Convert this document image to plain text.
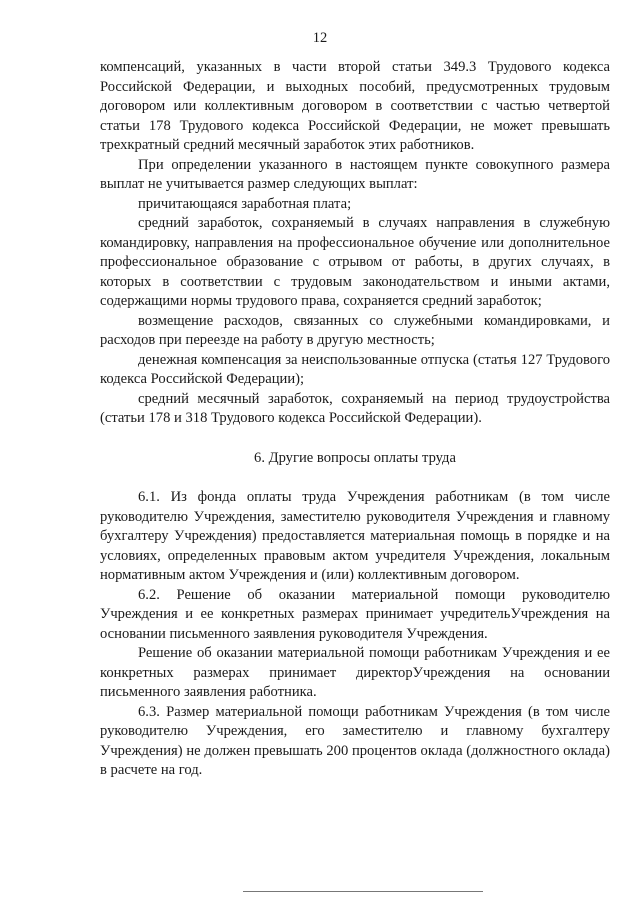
12

компенсаций, указанных в части второй статьи 349.3 Трудового кодекса Российской Федерации, и выходных пособий, предусмотренных трудовым договором или коллективным договором в соответствии с частью четвертой статьи 178 Трудового кодекса Российской Федерации, не может превышать трехкратный средний месячный заработок этих работников.

При определении указанного в настоящем пункте совокупного размера выплат не учитывается размер следующих выплат:

причитающаяся заработная плата;

средний заработок, сохраняемый в случаях направления в служебную командировку, направления на профессиональное обучение или дополнительное профессиональное образование с отрывом от работы, в других случаях, в которых в соответствии с трудовым законодательством и иными актами, содержащими нормы трудового права, сохраняется средний заработок;

возмещение расходов, связанных со служебными командировками, и расходов при переезде на работу в другую местность;

денежная компенсация за неиспользованные отпуска (статья 127 Трудового кодекса Российской Федерации);

средний месячный заработок, сохраняемый на период трудоустройства (статьи 178 и 318 Трудового кодекса Российской Федерации).

6. Другие вопросы оплаты труда

6.1. Из фонда оплаты труда Учреждения работникам (в том числе руководителю Учреждения, заместителю руководителя Учреждения и главному бухгалтеру Учреждения) предоставляется материальная помощь в порядке и на условиях, определенных правовым актом учредителя Учреждения, локальным нормативным актом Учреждения и (или) коллективным договором.

6.2. Решение об оказании материальной помощи руководителю Учреждения и ее конкретных размерах принимает учредительУчреждения на основании письменного заявления руководителя Учреждения.

Решение об оказании материальной помощи работникам Учреждения и ее конкретных размерах принимает директорУчреждения на основании письменного заявления работника.

6.3. Размер материальной помощи работникам Учреждения (в том числе руководителю Учреждения, его заместителю и главному бухгалтеру Учреждения) не должен превышать 200 процентов оклада (должностного оклада) в расчете на год.
